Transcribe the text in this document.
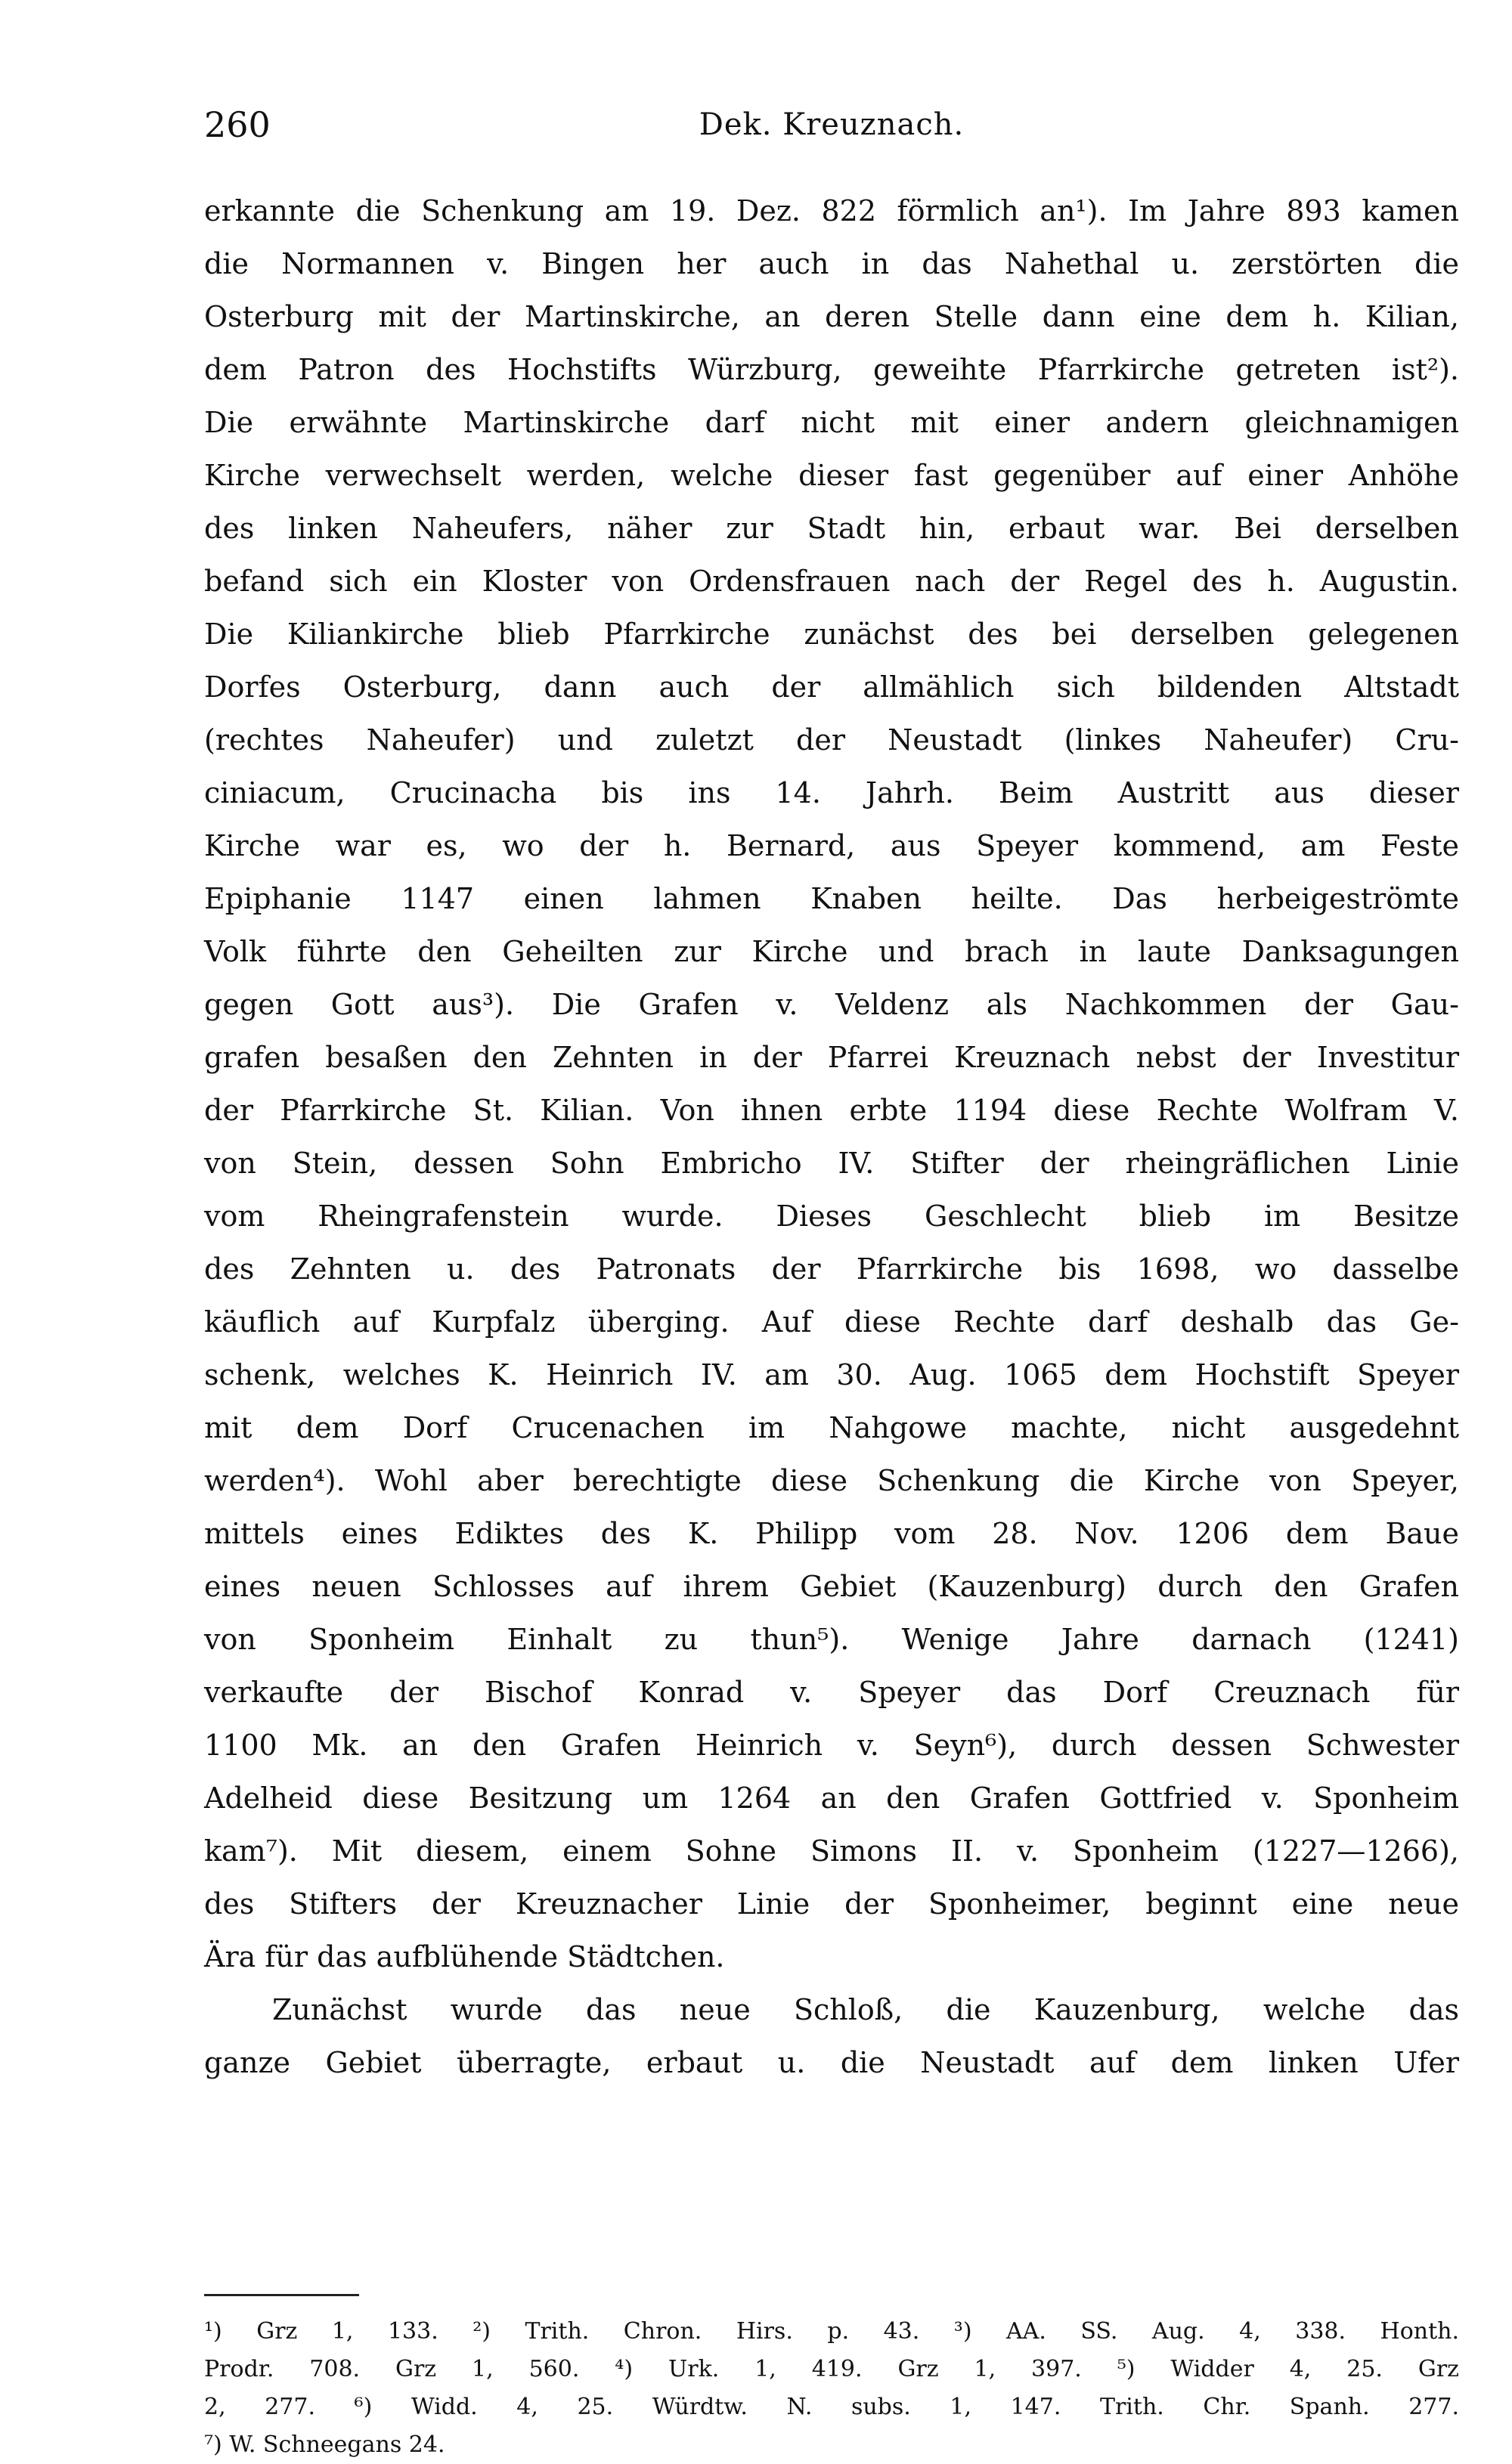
260	Dek. Kreuznach.
erkannte die Schenkung am 19. Dez. 822 förmlich an¹). Im Jahre 893 kamen
die Normannen v. Bingen her auch in das Nahethal u. zerstörten die
Osterburg mit der Martinskirche, an deren Stelle dann eine dem h. Kilian,
dem Patron des Hochstifts Würzburg, geweihte Pfarrkirche getreten ist²).
Die erwähnte Martinskirche darf nicht mit einer andern gleichnamigen
Kirche verwechselt werden, welche dieser fast gegenüber auf einer Anhöhe
des linken Naheufers, näher zur Stadt hin, erbaut war. Bei derselben
befand sich ein Kloster von Ordensfrauen nach der Regel des h. Augustin.
Die Kiliankirche blieb Pfarrkirche zunächst des bei derselben gelegenen
Dorfes Osterburg, dann auch der allmählich sich bildenden Altstadt
(rechtes Naheufer) und zuletzt der Neustadt (linkes Naheufer) Cru-
ciniacum, Crucinacha bis ins 14. Jahrh. Beim Austritt aus dieser
Kirche war es, wo der h. Bernard, aus Speyer kommend, am Feste
Epiphanie 1147 einen lahmen Knaben heilte. Das herbeigeströmte
Volk führte den Geheilten zur Kirche und brach in laute Danksagungen
gegen Gott aus³). Die Grafen v. Veldenz als Nachkommen der Gau-
grafen besaßen den Zehnten in der Pfarrei Kreuznach nebst der Investitur
der Pfarrkirche St. Kilian. Von ihnen erbte 1194 diese Rechte Wolfram V.
von Stein, dessen Sohn Embricho IV. Stifter der rheingräflichen Linie
vom Rheingrafenstein wurde. Dieses Geschlecht blieb im Besitze
des Zehnten u. des Patronats der Pfarrkirche bis 1698, wo dasselbe
käuflich auf Kurpfalz überging. Auf diese Rechte darf deshalb das Ge-
schenk, welches K. Heinrich IV. am 30. Aug. 1065 dem Hochstift Speyer
mit dem Dorf Crucenachen im Nahgowe machte, nicht ausgedehnt
werden⁴). Wohl aber berechtigte diese Schenkung die Kirche von Speyer,
mittels eines Ediktes des K. Philipp vom 28. Nov. 1206 dem Baue
eines neuen Schlosses auf ihrem Gebiet (Kauzenburg) durch den Grafen
von Sponheim Einhalt zu thun⁵). Wenige Jahre darnach (1241)
verkaufte der Bischof Konrad v. Speyer das Dorf Creuznach für
1100 Mk. an den Grafen Heinrich v. Seyn⁶), durch dessen Schwester
Adelheid diese Besitzung um 1264 an den Grafen Gottfried v. Sponheim
kam⁷). Mit diesem, einem Sohne Simons II. v. Sponheim (1227—1266),
des Stifters der Kreuznacher Linie der Sponheimer, beginnt eine neue
Ära für das aufblühende Städtchen.
Zunächst wurde das neue Schloß, die Kauzenburg, welche das
ganze Gebiet überragte, erbaut u. die Neustadt auf dem linken Ufer
¹) Grz 1, 133. ²) Trith. Chron. Hirs. p. 43. ³) AA. SS. Aug. 4, 338. Honth.
Prodr. 708. Grz 1, 560. ⁴) Urk. 1, 419. Grz 1, 397. ⁵) Widder 4, 25. Grz
2, 277. ⁶) Widd. 4, 25. Würdtw. N. subs. 1, 147. Trith. Chr. Spanh. 277.
⁷) W. Schneegans 24.
